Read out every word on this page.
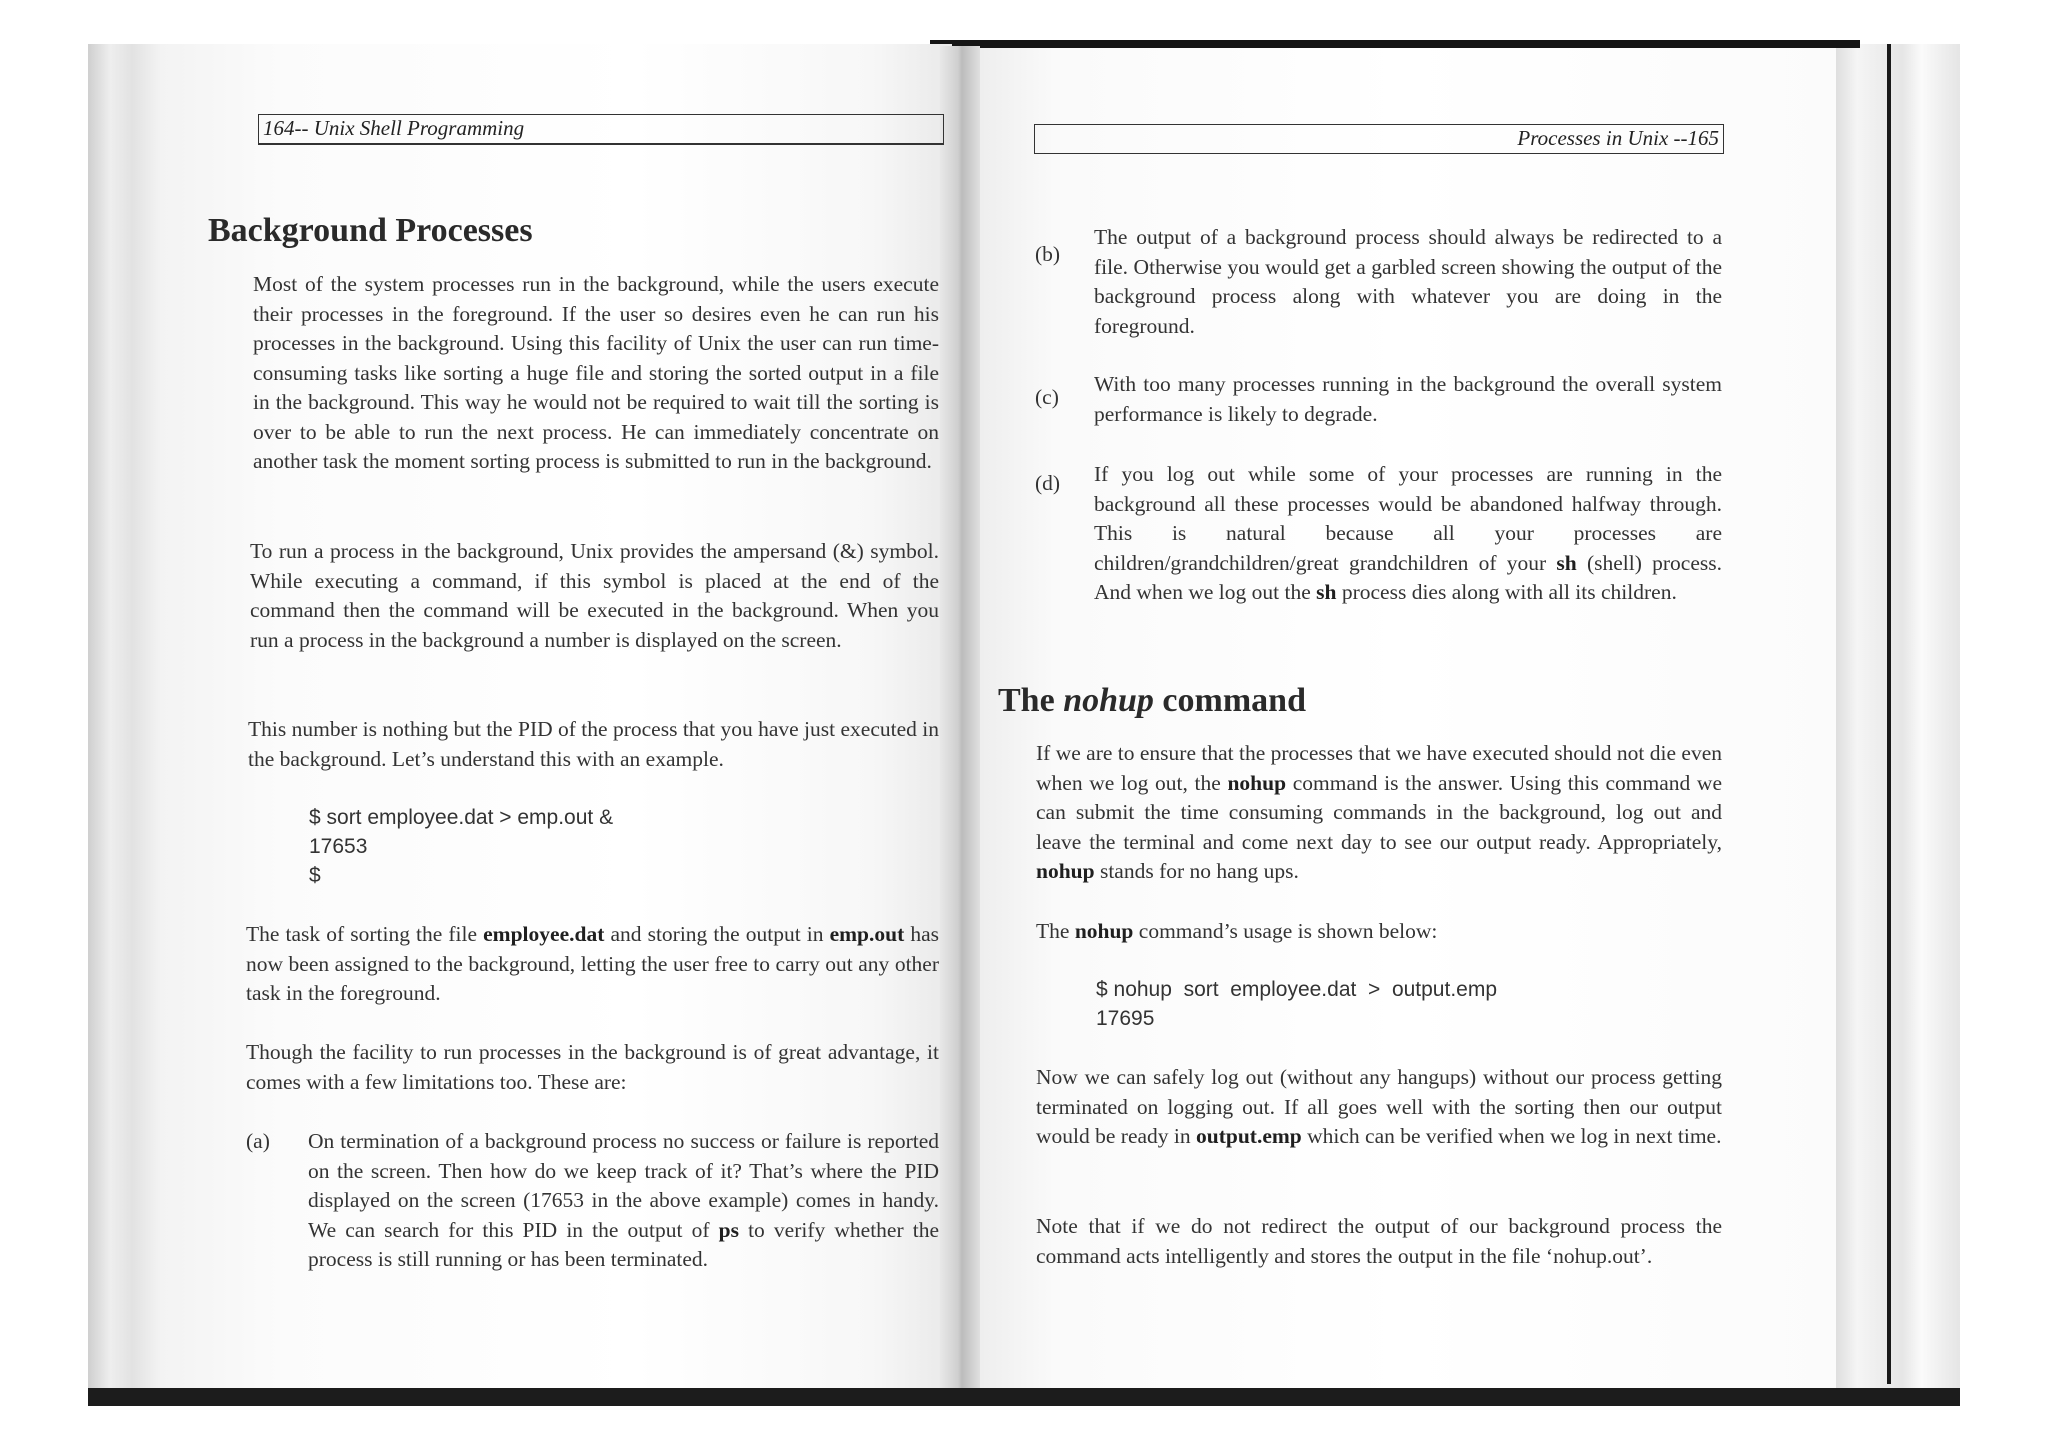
164-- Unix Shell Programming
Background Processes

Most of the system processes run in the background, while the users execute their processes in the foreground. If the user so desires even he can run his processes in the background. Using this facility of Unix the user can run time-consuming tasks like sorting a huge file and storing the sorted output in a file in the background. This way he would not be required to wait till the sorting is over to be able to run the next process. He can immediately concentrate on another task the moment sorting process is submitted to run in the background.

To run a process in the background, Unix provides the ampersand (&) symbol. While executing a command, if this symbol is placed at the end of the command then the command will be executed in the background. When you run a process in the background a number is displayed on the screen.

This number is nothing but the PID of the process that you have just executed in the background. Let’s understand this with an example.

$ sort employee.dat > emp.out &
17653
$

The task of sorting the file employee.dat and storing the output in emp.out has now been assigned to the background, letting the user free to carry out any other task in the foreground.

Though the facility to run processes in the background is of great advantage, it comes with a few limitations too. These are:

(a) On termination of a background process no success or failure is reported on the screen. Then how do we keep track of it? That’s where the PID displayed on the screen (17653 in the above example) comes in handy. We can search for this PID in the output of ps to verify whether the process is still running or has been terminated.

Processes in Unix --165
(b)

The output of a background process should always be redirected to a file. Otherwise you would get a garbled screen showing the output of the background process along with whatever you are doing in the foreground.

(c)

With too many processes running in the background the overall system performance is likely to degrade.

(d) If you log out while some of your processes are running in the background all these processes would be abandoned halfway through. This is natural because all your processes are children/grandchildren/great grandchildren of your sh (shell) process. And when we log out the sh process dies along with all its children.

The nohup command

If we are to ensure that the processes that we have executed should not die even when we log out, the nohup command is the answer. Using this command we can submit the time consuming commands in the background, log out and leave the terminal and come next day to see our output ready. Appropriately, nohup stands for no hang ups.

The nohup command’s usage is shown below:

$ nohup  sort  employee.dat  >  output.emp
17695

Now we can safely log out (without any hangups) without our process getting terminated on logging out. If all goes well with the sorting then our output would be ready in output.emp which can be verified when we log in next time.

Note that if we do not redirect the output of our background process the command acts intelligently and stores the output in the file ‘nohup.out’.
